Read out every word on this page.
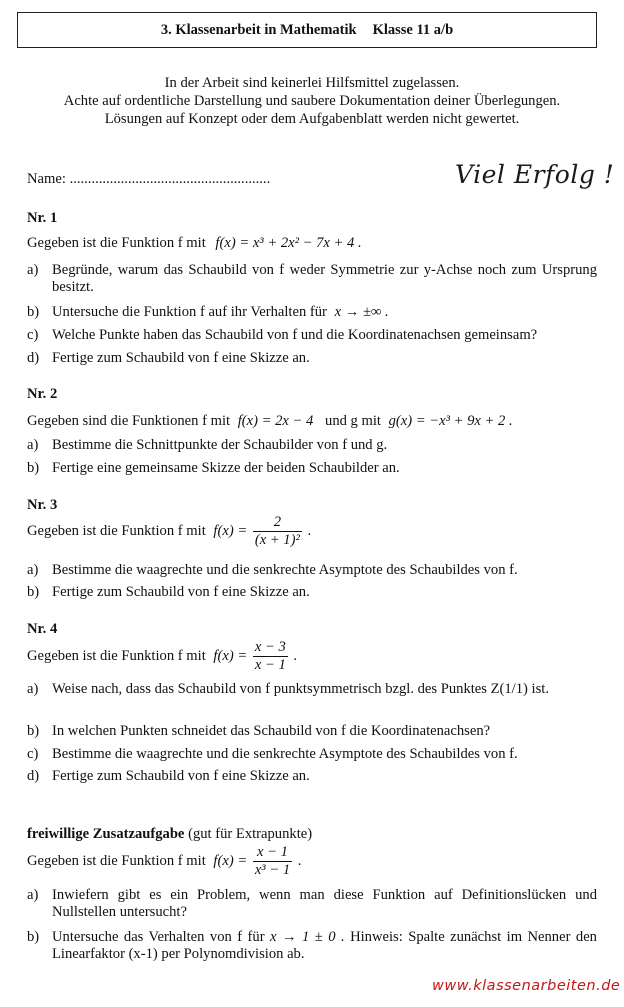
3. Klassenarbeit in Mathematik Klasse 11 a/b
In der Arbeit sind keinerlei Hilfsmittel zugelassen.
Achte auf ordentliche Darstellung und saubere Dokumentation deiner Überlegungen.
Lösungen auf Konzept oder dem Aufgabenblatt werden nicht gewertet.
Name: .......................................................	Viel Erfolg !
Nr. 1
Gegeben ist die Funktion f mit f(x) = x³ + 2x² − 7x + 4 .
a) Begründe, warum das Schaubild von f weder Symmetrie zur y-Achse noch zum Ursprung besitzt.
b) Untersuche die Funktion f auf ihr Verhalten für x → ±∞ .
c) Welche Punkte haben das Schaubild von f und die Koordinatenachsen gemeinsam?
d) Fertige zum Schaubild von f eine Skizze an.
Nr. 2
Gegeben sind die Funktionen f mit f(x) = 2x − 4 und g mit g(x) = −x³ + 9x + 2 .
a) Bestimme die Schnittpunkte der Schaubilder von f und g.
b) Fertige eine gemeinsame Skizze der beiden Schaubilder an.
Nr. 3
Gegeben ist die Funktion f mit $f(x) = \frac{2}{\text{(x + 1)²}}$ .
a) Bestimme die waagrechte und die senkrechte Asymptote des Schaubildes von f.
b) Fertige zum Schaubild von f eine Skizze an.
Nr. 4
Gegeben ist die Funktion f mit $f(x) = \frac{x - 3}{x - 1}$ .
a) Weise nach, dass das Schaubild von f punktsymmetrisch bzgl. des Punktes Z(1/1) ist.
b) In welchen Punkten schneidet das Schaubild von f die Koordinatenachsen?
c) Bestimme die waagrechte und die senkrechte Asymptote des Schaubildes von f.
d) Fertige zum Schaubild von f eine Skizze an.
freiwillige Zusatzaufgabe (gut für Extrapunkte)
Gegeben ist die Funktion f mit $f(x) = \frac{x - 1}{\text{x³ − 1}}$ .
a) Inwiefern gibt es ein Problem, wenn man diese Funktion auf Definitionslücken und Nullstellen untersucht?
b) Untersuche das Verhalten von f für x → 1 ± 0 . Hinweis: Spalte zunächst im Nenner den Linearfaktor (x-1) per Polynomdivision ab.
www.klassenarbeiten.de
